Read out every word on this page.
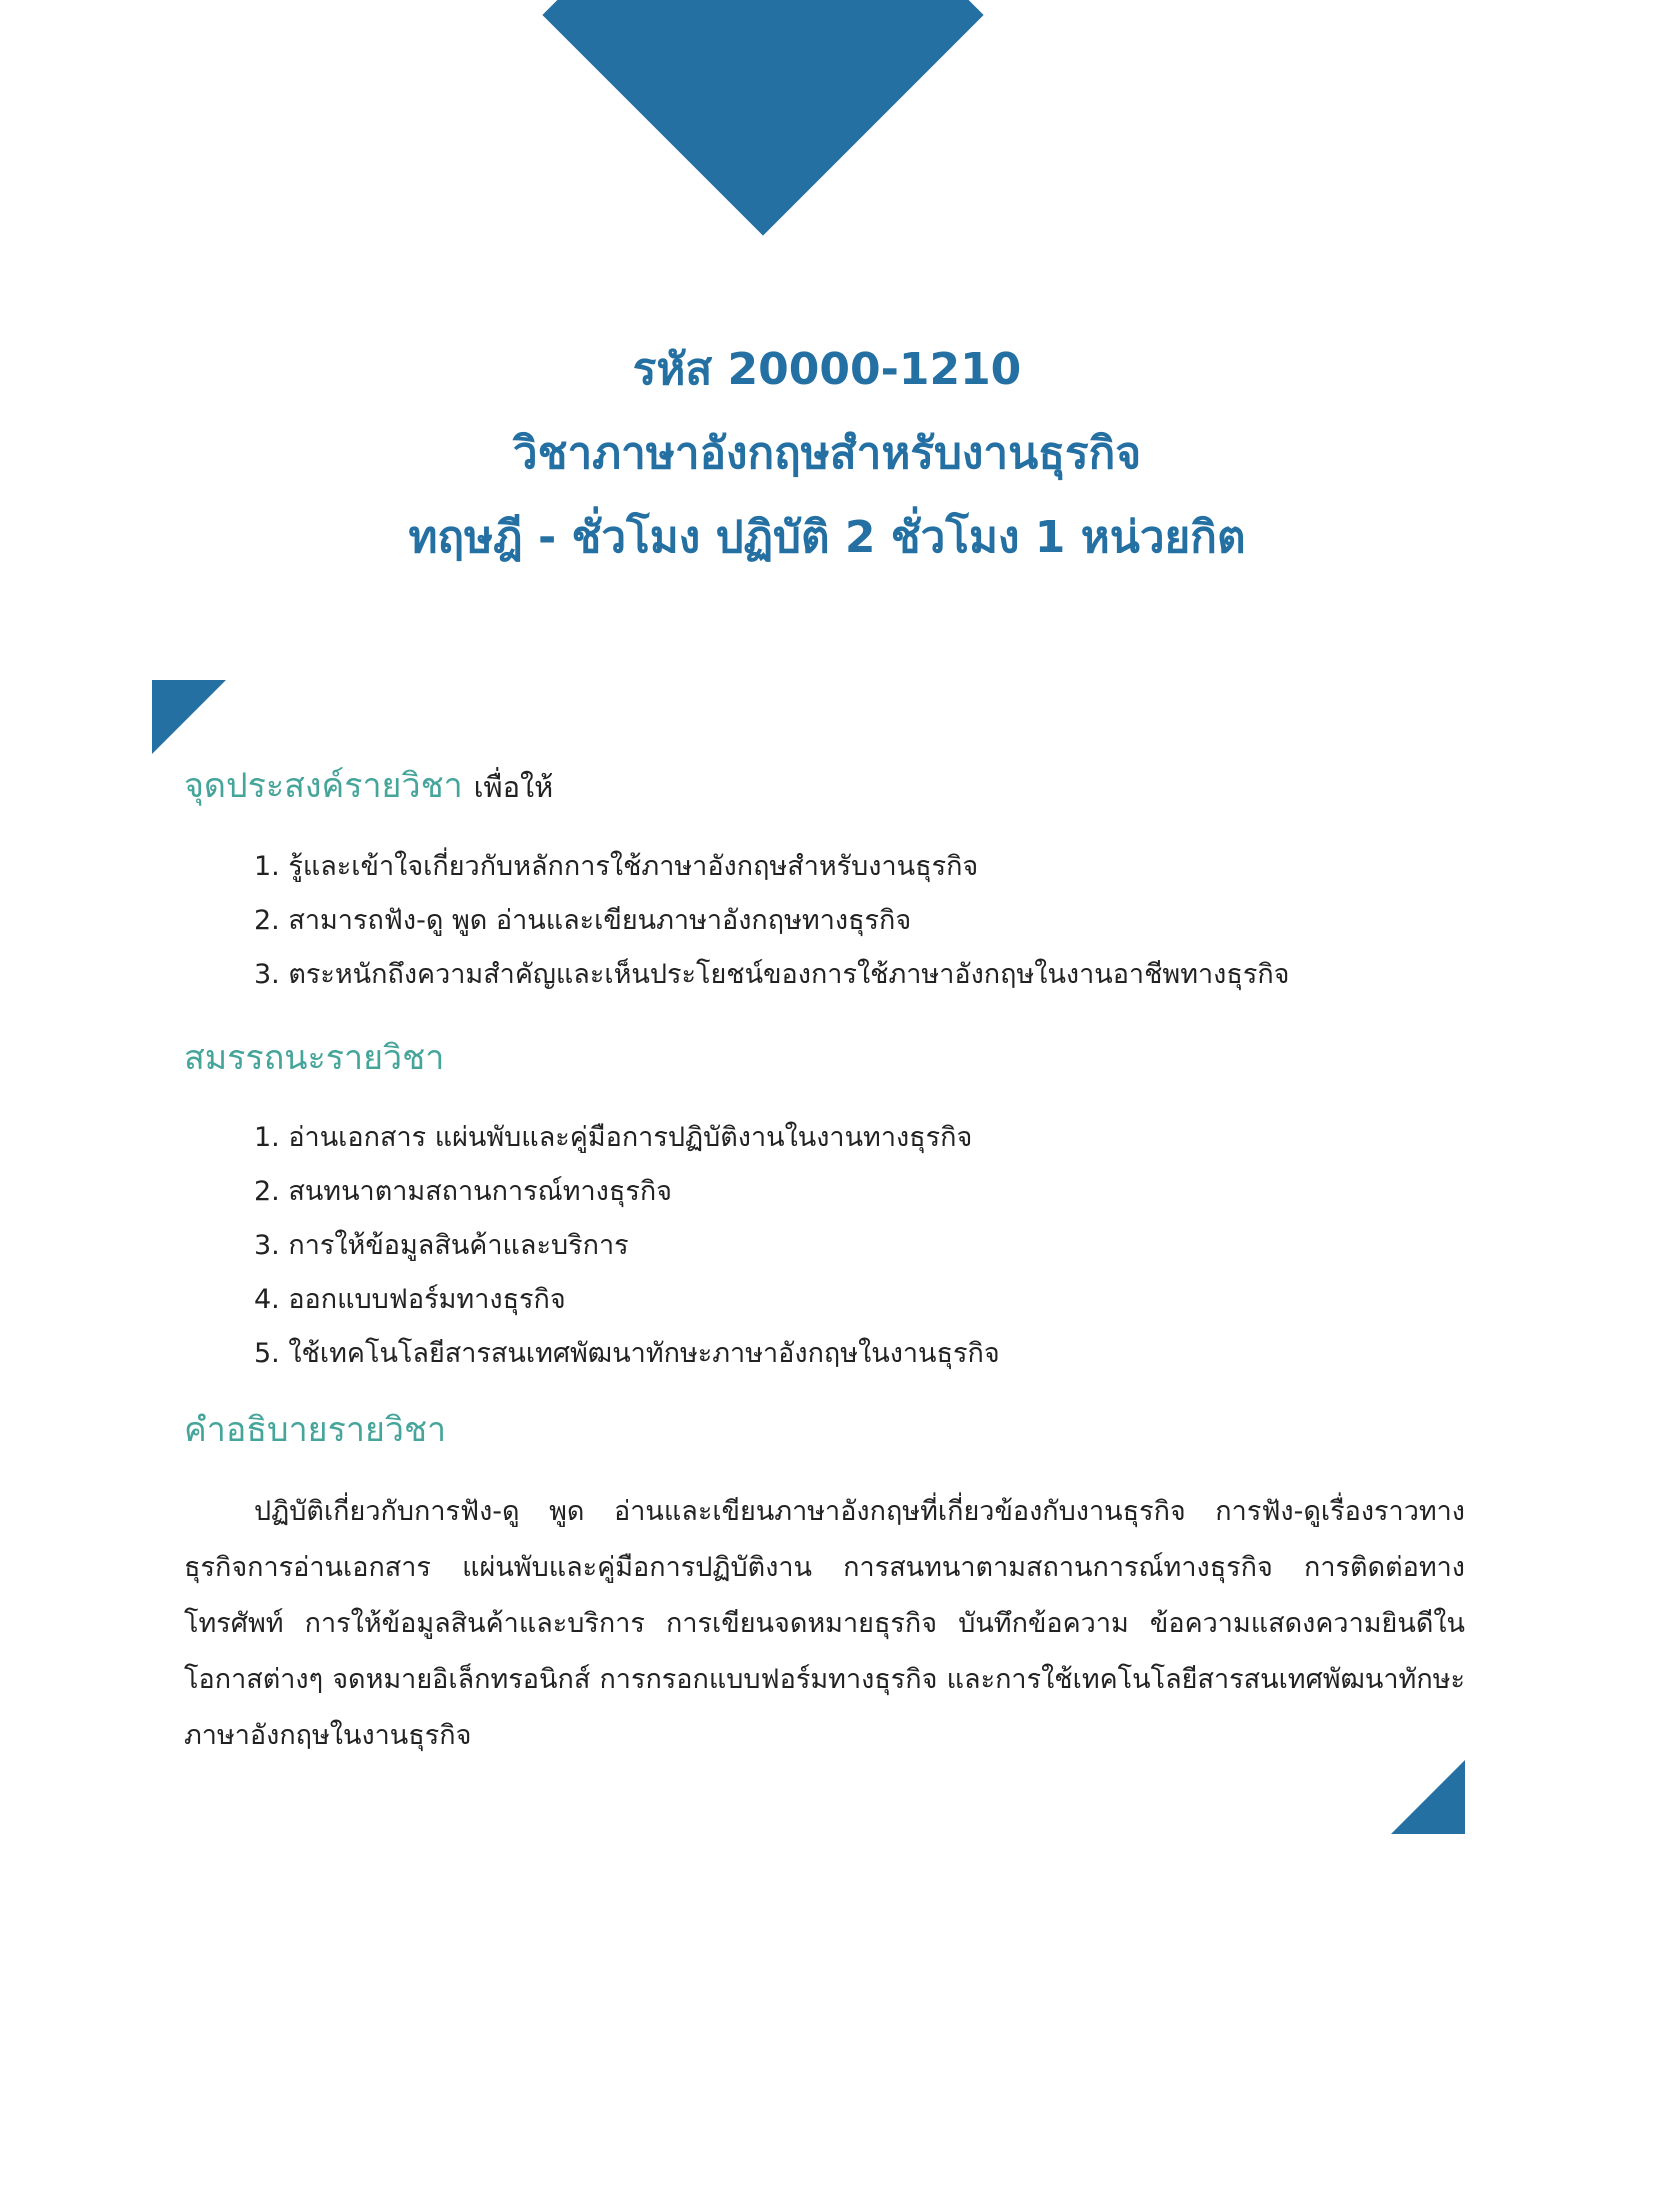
รหัส 20000-1210
วิชาภาษาอังกฤษสำหรับงานธุรกิจ
ทฤษฎี - ชั่วโมง ปฏิบัติ 2 ชั่วโมง 1 หน่วยกิต
จุดประสงค์รายวิชา เพื่อให้
1. รู้และเข้าใจเกี่ยวกับหลักการใช้ภาษาอังกฤษสำหรับงานธุรกิจ
2. สามารถฟัง-ดู พูด อ่านและเขียนภาษาอังกฤษทางธุรกิจ
3. ตระหนักถึงความสำคัญและเห็นประโยชน์ของการใช้ภาษาอังกฤษในงานอาชีพทางธุรกิจ
สมรรถนะรายวิชา
1. อ่านเอกสาร แผ่นพับและคู่มือการปฏิบัติงานในงานทางธุรกิจ
2. สนทนาตามสถานการณ์ทางธุรกิจ
3. การให้ข้อมูลสินค้าและบริการ
4. ออกแบบฟอร์มทางธุรกิจ
5. ใช้เทคโนโลยีสารสนเทศพัฒนาทักษะภาษาอังกฤษในงานธุรกิจ
คำอธิบายรายวิชา

ปฏิบัติเกี่ยวกับการฟัง-ดู พูด อ่านและเขียนภาษาอังกฤษที่เกี่ยวข้องกับงานธุรกิจ การฟัง-ดูเรื่องราวทางธุรกิจการอ่านเอกสาร แผ่นพับและคู่มือการปฏิบัติงาน การสนทนาตามสถานการณ์ทางธุรกิจ การติดต่อทางโทรศัพท์ การให้ข้อมูลสินค้าและบริการ การเขียนจดหมายธุรกิจ บันทึกข้อความ ข้อความแสดงความยินดีในโอกาสต่างๆ จดหมายอิเล็กทรอนิกส์ การกรอกแบบฟอร์มทางธุรกิจ และการใช้เทคโนโลยีสารสนเทศพัฒนาทักษะภาษาอังกฤษในงานธุรกิจ
